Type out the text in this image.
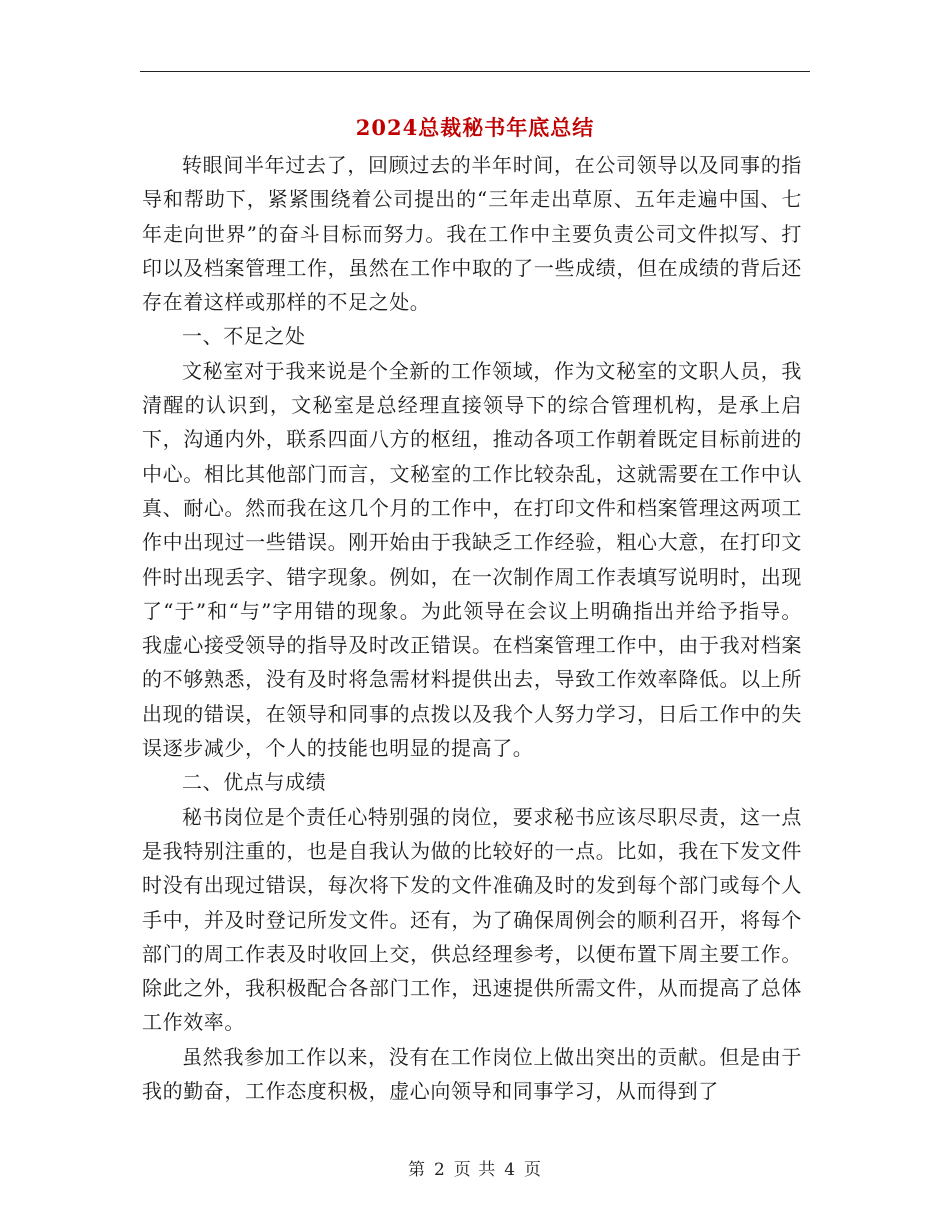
2024总裁秘书年底总结

转眼间半年过去了，回顾过去的半年时间，在公司领导以及同事的指导和帮助下，紧紧围绕着公司提出的“三年走出草原、五年走遍中国、七年走向世界”的奋斗目标而努力。我在工作中主要负责公司文件拟写、打印以及档案管理工作，虽然在工作中取的了一些成绩，但在成绩的背后还存在着这样或那样的不足之处。

一、不足之处

文秘室对于我来说是个全新的工作领域，作为文秘室的文职人员，我清醒的认识到，文秘室是总经理直接领导下的综合管理机构，是承上启下，沟通内外，联系四面八方的枢纽，推动各项工作朝着既定目标前进的中心。相比其他部门而言，文秘室的工作比较杂乱，这就需要在工作中认真、耐心。然而我在这几个月的工作中，在打印文件和档案管理这两项工作中出现过一些错误。刚开始由于我缺乏工作经验，粗心大意，在打印文件时出现丢字、错字现象。例如，在一次制作周工作表填写说明时，出现了“于”和“与”字用错的现象。为此领导在会议上明确指出并给予指导。我虚心接受领导的指导及时改正错误。在档案管理工作中，由于我对档案的不够熟悉，没有及时将急需材料提供出去，导致工作效率降低。以上所出现的错误，在领导和同事的点拨以及我个人努力学习，日后工作中的失误逐步减少，个人的技能也明显的提高了。

二、优点与成绩

秘书岗位是个责任心特别强的岗位，要求秘书应该尽职尽责，这一点是我特别注重的，也是自我认为做的比较好的一点。比如，我在下发文件时没有出现过错误，每次将下发的文件准确及时的发到每个部门或每个人手中，并及时登记所发文件。还有，为了确保周例会的顺利召开，将每个部门的周工作表及时收回上交，供总经理参考，以便布置下周主要工作。除此之外，我积极配合各部门工作，迅速提供所需文件，从而提高了总体工作效率。

虽然我参加工作以来，没有在工作岗位上做出突出的贡献。但是由于我的勤奋，工作态度积极，虚心向领导和同事学习，从而得到了

第 2 页 共 4 页
